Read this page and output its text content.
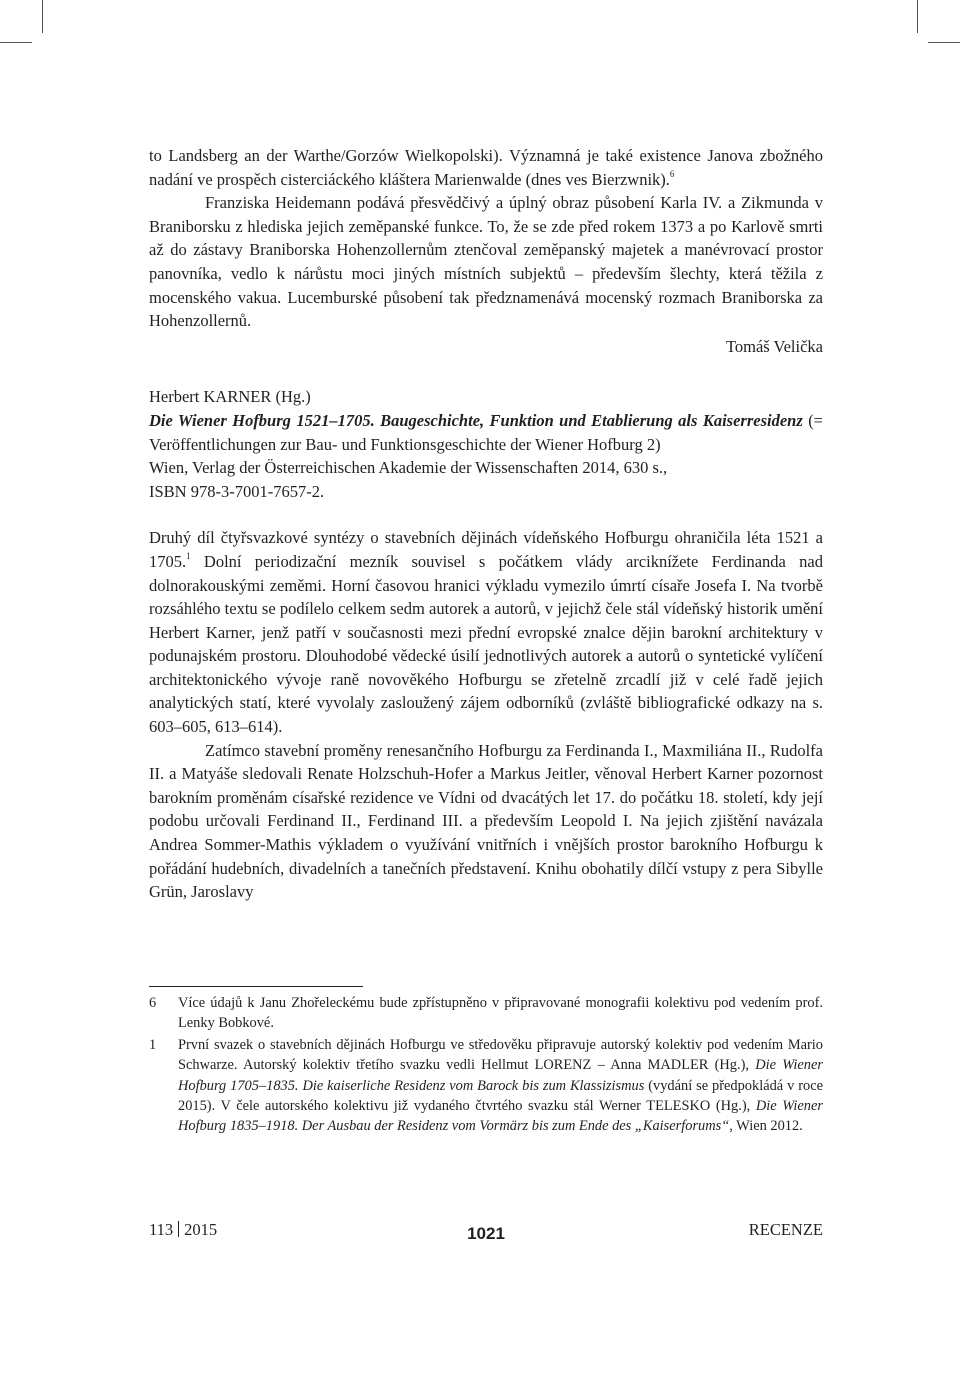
to Landsberg an der Warthe/Gorzów Wielkopolski). Významná je také existence Janova zbožného nadání ve prospěch cisterciáckého kláštera Marienwalde (dnes ves Bierzwnik).$^6$

Franziska Heidemann podává přesvědčivý a úplný obraz působení Karla IV. a Zikmunda v Braniborsku z hlediska jejich zeměpanské funkce. To, že se zde před rokem 1373 a po Karlově smrti až do zástavy Braniborska Hohenzollernům ztenčoval zeměpanský majetek a manévrovací prostor panovníka, vedlo k nárůstu moci jiných místních subjektů – především šlechty, která těžila z mocenského vakua. Lucemburské působení tak předznamenává mocenský rozmach Braniborska za Hohenzollernů.

Tomáš Velička

Herbert KARNER (Hg.)

Die Wiener Hofburg 1521–1705. Baugeschichte, Funktion und Etablierung als Kaiserresidenz (= Veröffentlichungen zur Bau- und Funktionsgeschichte der Wiener Hofburg 2)

Wien, Verlag der Österreichischen Akademie der Wissenschaften 2014, 630 s.,

ISBN 978-3-7001-7657-2.

Druhý díl čtyřsvazkové syntézy o stavebních dějinách vídeňského Hofburgu ohraničila léta 1521 a 1705.$^1$ Dolní periodizační mezník souvisel s počátkem vlády arciknížete Ferdinanda nad dolnorakouskými zeměmi. Horní časovou hranici výkladu vymezilo úmrtí císaře Josefa I. Na tvorbě rozsáhlého textu se podílelo celkem sedm autorek a autorů, v jejichž čele stál vídeňský historik umění Herbert Karner, jenž patří v současnosti mezi přední evropské znalce dějin barokní architektury v podunajském prostoru. Dlouhodobé vědecké úsilí jednotlivých autorek a autorů o syntetické vylíčení architektonického vývoje raně novověkého Hofburgu se zřetelně zrcadlí již v celé řadě jejich analytických statí, které vyvolaly zasloužený zájem odborníků (zvláště bibliografické odkazy na s. 603–605, 613–614).

Zatímco stavební proměny renesančního Hofburgu za Ferdinanda I., Maxmiliána II., Rudolfa II. a Matyáše sledovali Renate Holzschuh-Hofer a Markus Jeitler, věnoval Herbert Karner pozornost barokním proměnám císařské rezidence ve Vídni od dvacátých let 17. do počátku 18. století, kdy její podobu určovali Ferdinand II., Ferdinand III. a především Leopold I. Na jejich zjištění navázala Andrea Sommer-Mathis výkladem o využívání vnitřních i vnějších prostor barokního Hofburgu k pořádání hudebních, divadelních a tanečních představení. Knihu obohatily dílčí vstupy z pera Sibylle Grün, Jaroslavy

6	Více údajů k Janu Zhořeleckému bude zpřístupněno v připravované monografii kolektivu pod vedením prof. Lenky Bobkové.
1	První svazek o stavebních dějinách Hofburgu ve středověku připravuje autorský kolektiv pod vedením Mario Schwarze. Autorský kolektiv třetího svazku vedli Hellmut LORENZ – Anna MADLER (Hg.), Die Wiener Hofburg 1705–1835. Die kaiserliche Residenz vom Barock bis zum Klassizismus (vydání se předpokládá v roce 2015). V čele autorského kolektivu již vydaného čtvrtého svazku stál Werner TELESKO (Hg.), Die Wiener Hofburg 1835–1918. Der Ausbau der Residenz vom Vormärz bis zum Ende des „Kaiserforums“, Wien 2012.
113 2015	1021	RECENZE
